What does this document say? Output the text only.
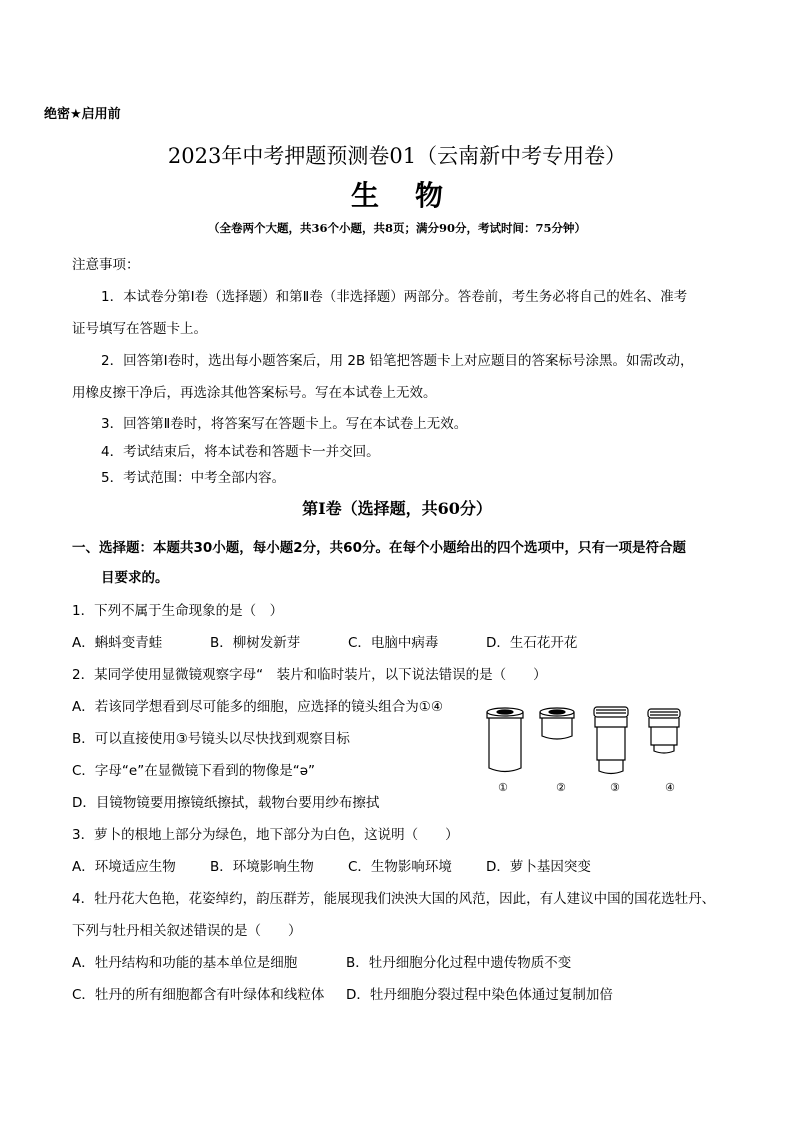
绝密★启用前
2023年中考押题预测卷01（云南新中考专用卷）
生物
（全卷两个大题，共36个小题，共8页；满分90分，考试时间：75分钟）
注意事项：
1．本试卷分第Ⅰ卷（选择题）和第Ⅱ卷（非选择题）两部分。答卷前，考生务必将自己的姓名、准考
证号填写在答题卡上。
2．回答第Ⅰ卷时，选出每小题答案后，用 2B 铅笔把答题卡上对应题目的答案标号涂黑。如需改动，
用橡皮擦干净后，再选涂其他答案标号。写在本试卷上无效。
3．回答第Ⅱ卷时，将答案写在答题卡上。写在本试卷上无效。
4．考试结束后，将本试卷和答题卡一并交回。
5．考试范围：中考全部内容。
第Ⅰ卷（选择题，共60分）
一、选择题：本题共30小题，每小题2分，共60分。在每个小题给出的四个选项中，只有一项是符合题
目要求的。
1．下列不属于生命现象的是（　）
A．蝌蚪变青蛙	B．柳树发新芽	C．电脑中病毒	D．生石花开花
2．某同学使用显微镜观察字母“　装片和临时装片，以下说法错误的是（　　）
A．若该同学想看到尽可能多的细胞，应选择的镜头组合为①④
B．可以直接使用③号镜头以尽快找到观察目标
C．字母“e”在显微镜下看到的物像是“ә”
D．目镜物镜要用擦镜纸擦拭，载物台要用纱布擦拭
①	②	③	④
3．萝卜的根地上部分为绿色，地下部分为白色，这说明（　　）
A．环境适应生物	B．环境影响生物	C．生物影响环境	D．萝卜基因突变
4．牡丹花大色艳，花姿绰约，韵压群芳，能展现我们泱泱大国的风范，因此，有人建议中国的国花选牡丹、
下列与牡丹相关叙述错误的是（　　）
A．牡丹结构和功能的基本单位是细胞	B．牡丹细胞分化过程中遗传物质不变
C．牡丹的所有细胞都含有叶绿体和线粒体 D．牡丹细胞分裂过程中染色体通过复制加倍
